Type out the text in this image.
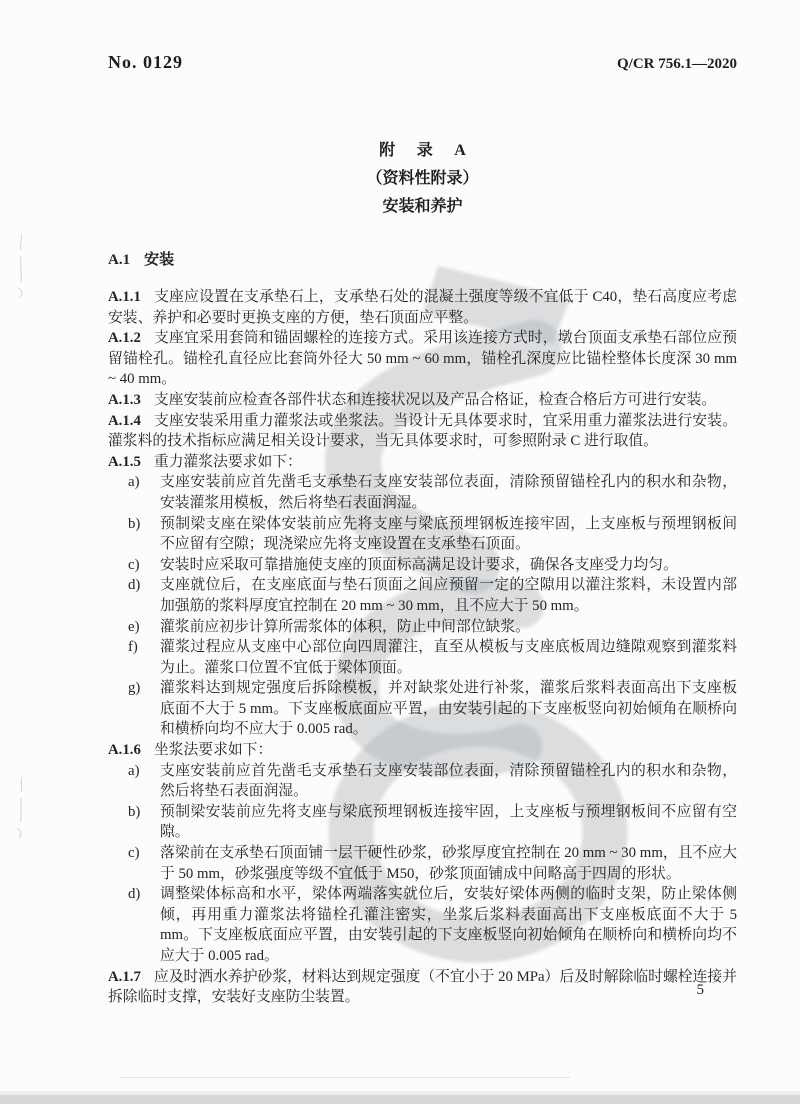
No. 0129	Q/CR 756.1—2020
附 录 A
（资料性附录）
安装和养护
A.1 安装

A.1.1 支座应设置在支承垫石上，支承垫石处的混凝土强度等级不宜低于 C40，垫石高度应考虑安装、养护和必要时更换支座的方便，垫石顶面应平整。

A.1.2 支座宜采用套筒和锚固螺栓的连接方式。采用该连接方式时，墩台顶面支承垫石部位应预留锚栓孔。锚栓孔直径应比套筒外径大 50 mm ~ 60 mm，锚栓孔深度应比锚栓整体长度深 30 mm ~ 40 mm。

A.1.3 支座安装前应检查各部件状态和连接状况以及产品合格证，检查合格后方可进行安装。

A.1.4 支座安装采用重力灌浆法或坐浆法。当设计无具体要求时，宜采用重力灌浆法进行安装。灌浆料的技术指标应满足相关设计要求，当无具体要求时，可参照附录 C 进行取值。

A.1.5 重力灌浆法要求如下：

a) 支座安装前应首先凿毛支承垫石支座安装部位表面，清除预留锚栓孔内的积水和杂物，安装灌浆用模板，然后将垫石表面润湿。
b) 预制梁支座在梁体安装前应先将支座与梁底预埋钢板连接牢固，上支座板与预埋钢板间不应留有空隙；现浇梁应先将支座设置在支承垫石顶面。
c) 安装时应采取可靠措施使支座的顶面标高满足设计要求，确保各支座受力均匀。
d) 支座就位后，在支座底面与垫石顶面之间应预留一定的空隙用以灌注浆料，未设置内部加强筋的浆料厚度宜控制在 20 mm ~ 30 mm，且不应大于 50 mm。
e) 灌浆前应初步计算所需浆体的体积，防止中间部位缺浆。
f) 灌浆过程应从支座中心部位向四周灌注，直至从模板与支座底板周边缝隙观察到灌浆料为止。灌浆口位置不宜低于梁体顶面。
g) 灌浆料达到规定强度后拆除模板，并对缺浆处进行补浆，灌浆后浆料表面高出下支座板底面不大于 5 mm。下支座板底面应平置，由安装引起的下支座板竖向初始倾角在顺桥向和横桥向均不应大于 0.005 rad。

A.1.6 坐浆法要求如下：

a) 支座安装前应首先凿毛支承垫石支座安装部位表面，清除预留锚栓孔内的积水和杂物，然后将垫石表面润湿。
b) 预制梁安装前应先将支座与梁底预埋钢板连接牢固，上支座板与预埋钢板间不应留有空隙。
c) 落梁前在支承垫石顶面铺一层干硬性砂浆，砂浆厚度宜控制在 20 mm ~ 30 mm，且不应大于 50 mm，砂浆强度等级不宜低于 M50，砂浆顶面铺成中间略高于四周的形状。
d) 调整梁体标高和水平，梁体两端落实就位后，安装好梁体两侧的临时支架，防止梁体侧倾，再用重力灌浆法将锚栓孔灌注密实，坐浆后浆料表面高出下支座板底面不大于 5 mm。下支座板底面应平置，由安装引起的下支座板竖向初始倾角在顺桥向和横桥向均不应大于 0.005 rad。

A.1.7 应及时洒水养护砂浆，材料达到规定强度（不宜小于 20 MPa）后及时解除临时螺栓连接并拆除临时支撑，安装好支座防尘装置。	5
